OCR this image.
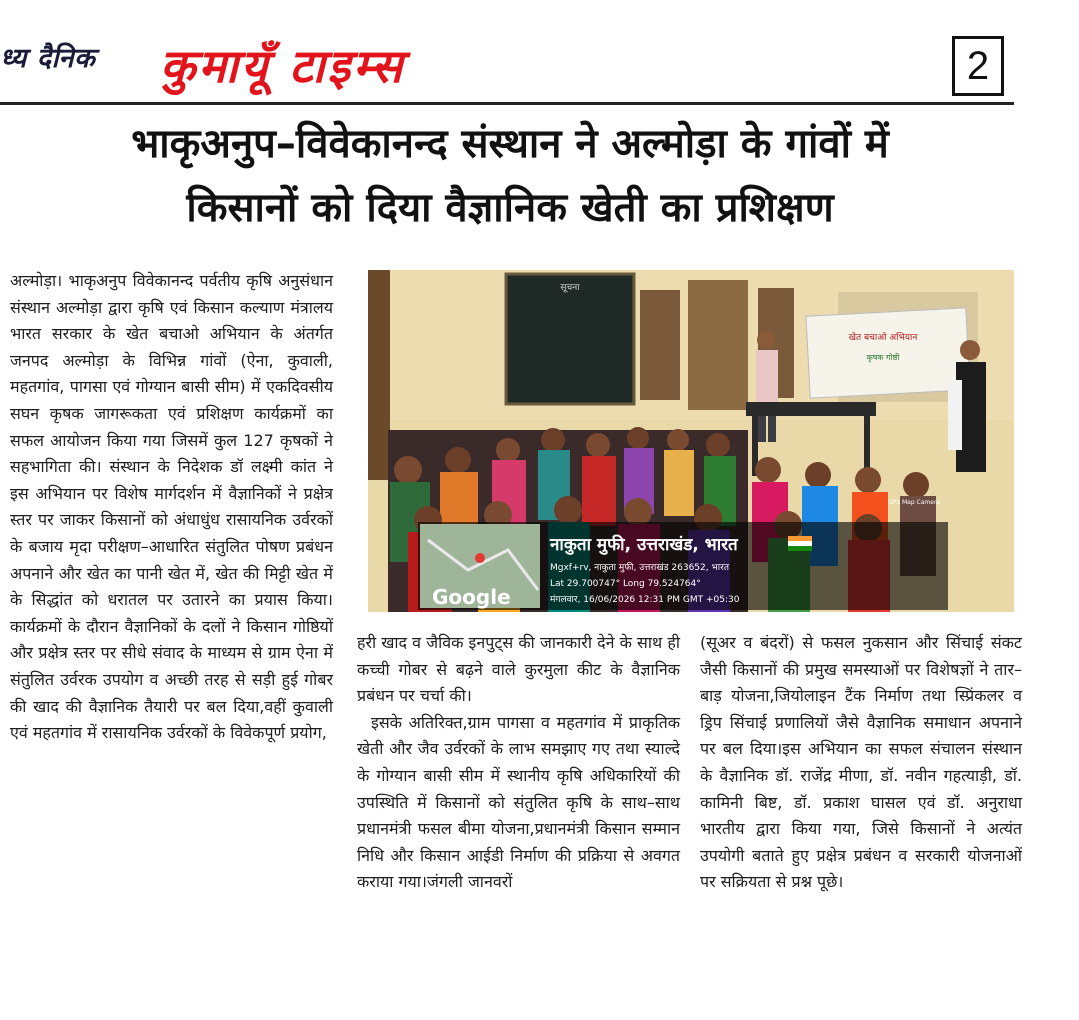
ध्य दैनिक कुमायूँ टाइम्स	2
भाकृअनुप–विवेकानन्द संस्थान ने अल्मोड़ा के गांवों में
किसानों को दिया वैज्ञानिक खेती का प्रशिक्षण

अल्मोड़ा। भाकृअनुप विवेकानन्द पर्वतीय कृषि अनुसंधान संस्थान अल्मोड़ा द्वारा कृषि एवं किसान कल्याण मंत्रालय भारत सरकार के खेत बचाओ अभियान के अंतर्गत जनपद अल्मोड़ा के विभिन्न गांवों (ऐना, कुवाली, महतगांव, पागसा एवं गोग्यान बासी सीम) में एकदिवसीय सघन कृषक जागरूकता एवं प्रशिक्षण कार्यक्रमों का सफल आयोजन किया गया जिसमें कुल 127 कृषकों ने सहभागिता की। संस्थान के निदेशक डॉ लक्ष्मी कांत ने इस अभियान पर विशेष मार्गदर्शन में वैज्ञानिकों ने प्रक्षेत्र स्तर पर जाकर किसानों को अंधाधुंध रासायनिक उर्वरकों के बजाय मृदा परीक्षण–आधारित संतुलित पोषण प्रबंधन अपनाने और खेत का पानी खेत में, खेत की मिट्टी खेत में के सिद्धांत को धरातल पर उतारने का प्रयास किया। कार्यक्रमों के दौरान वैज्ञानिकों के दलों ने किसान गोष्ठियों और प्रक्षेत्र स्तर पर सीधे संवाद के माध्यम से ग्राम ऐना में संतुलित उर्वरक उपयोग व अच्छी तरह से सड़ी हुई गोबर की खाद की वैज्ञानिक तैयारी पर बल दिया,वहीं कुवाली एवं महतगांव में रासायनिक उर्वरकों के विवेकपूर्ण प्रयोग,

सूचना
खेत बचाओ अभियान
कृषक गोष्ठी
Google
नाकुता मुफी, उत्तराखंड, भारत
Mgxf+rv, नाकुता मुफी, उत्तराखंड 263652, भारत
Lat 29.700747° Long 79.524764°
मंगलवार, 16/06/2026 12:31 PM GMT +05:30
GPS Map Camera

हरी खाद व जैविक इनपुट्स की जानकारी देने के साथ ही कच्ची गोबर से बढ़ने वाले कुरमुला कीट के वैज्ञानिक प्रबंधन पर चर्चा की।

इसके अतिरिक्त,ग्राम पागसा व महतगांव में प्राकृतिक खेती और जैव उर्वरकों के लाभ समझाए गए तथा स्याल्दे के गोग्यान बासी सीम में स्थानीय कृषि अधिकारियों की उपस्थिति में किसानों को संतुलित कृषि के साथ–साथ प्रधानमंत्री फसल बीमा योजना,प्रधानमंत्री किसान सम्मान निधि और किसान आईडी निर्माण की प्रक्रिया से अवगत कराया गया।जंगली जानवरों

(सूअर व बंदरों) से फसल नुकसान और सिंचाई संकट जैसी किसानों की प्रमुख समस्याओं पर विशेषज्ञों ने तार–बाड़ योजना,जियोलाइन टैंक निर्माण तथा स्प्रिंकलर व ड्रिप सिंचाई प्रणालियों जैसे वैज्ञानिक समाधान अपनाने पर बल दिया।इस अभियान का सफल संचालन संस्थान के वैज्ञानिक डॉ. राजेंद्र मीणा, डॉ. नवीन गहत्याड़ी, डॉ. कामिनी बिष्ट, डॉ. प्रकाश घासल एवं डॉ. अनुराधा भारतीय द्वारा किया गया, जिसे किसानों ने अत्यंत उपयोगी बताते हुए प्रक्षेत्र प्रबंधन व सरकारी योजनाओं पर सक्रियता से प्रश्न पूछे।
